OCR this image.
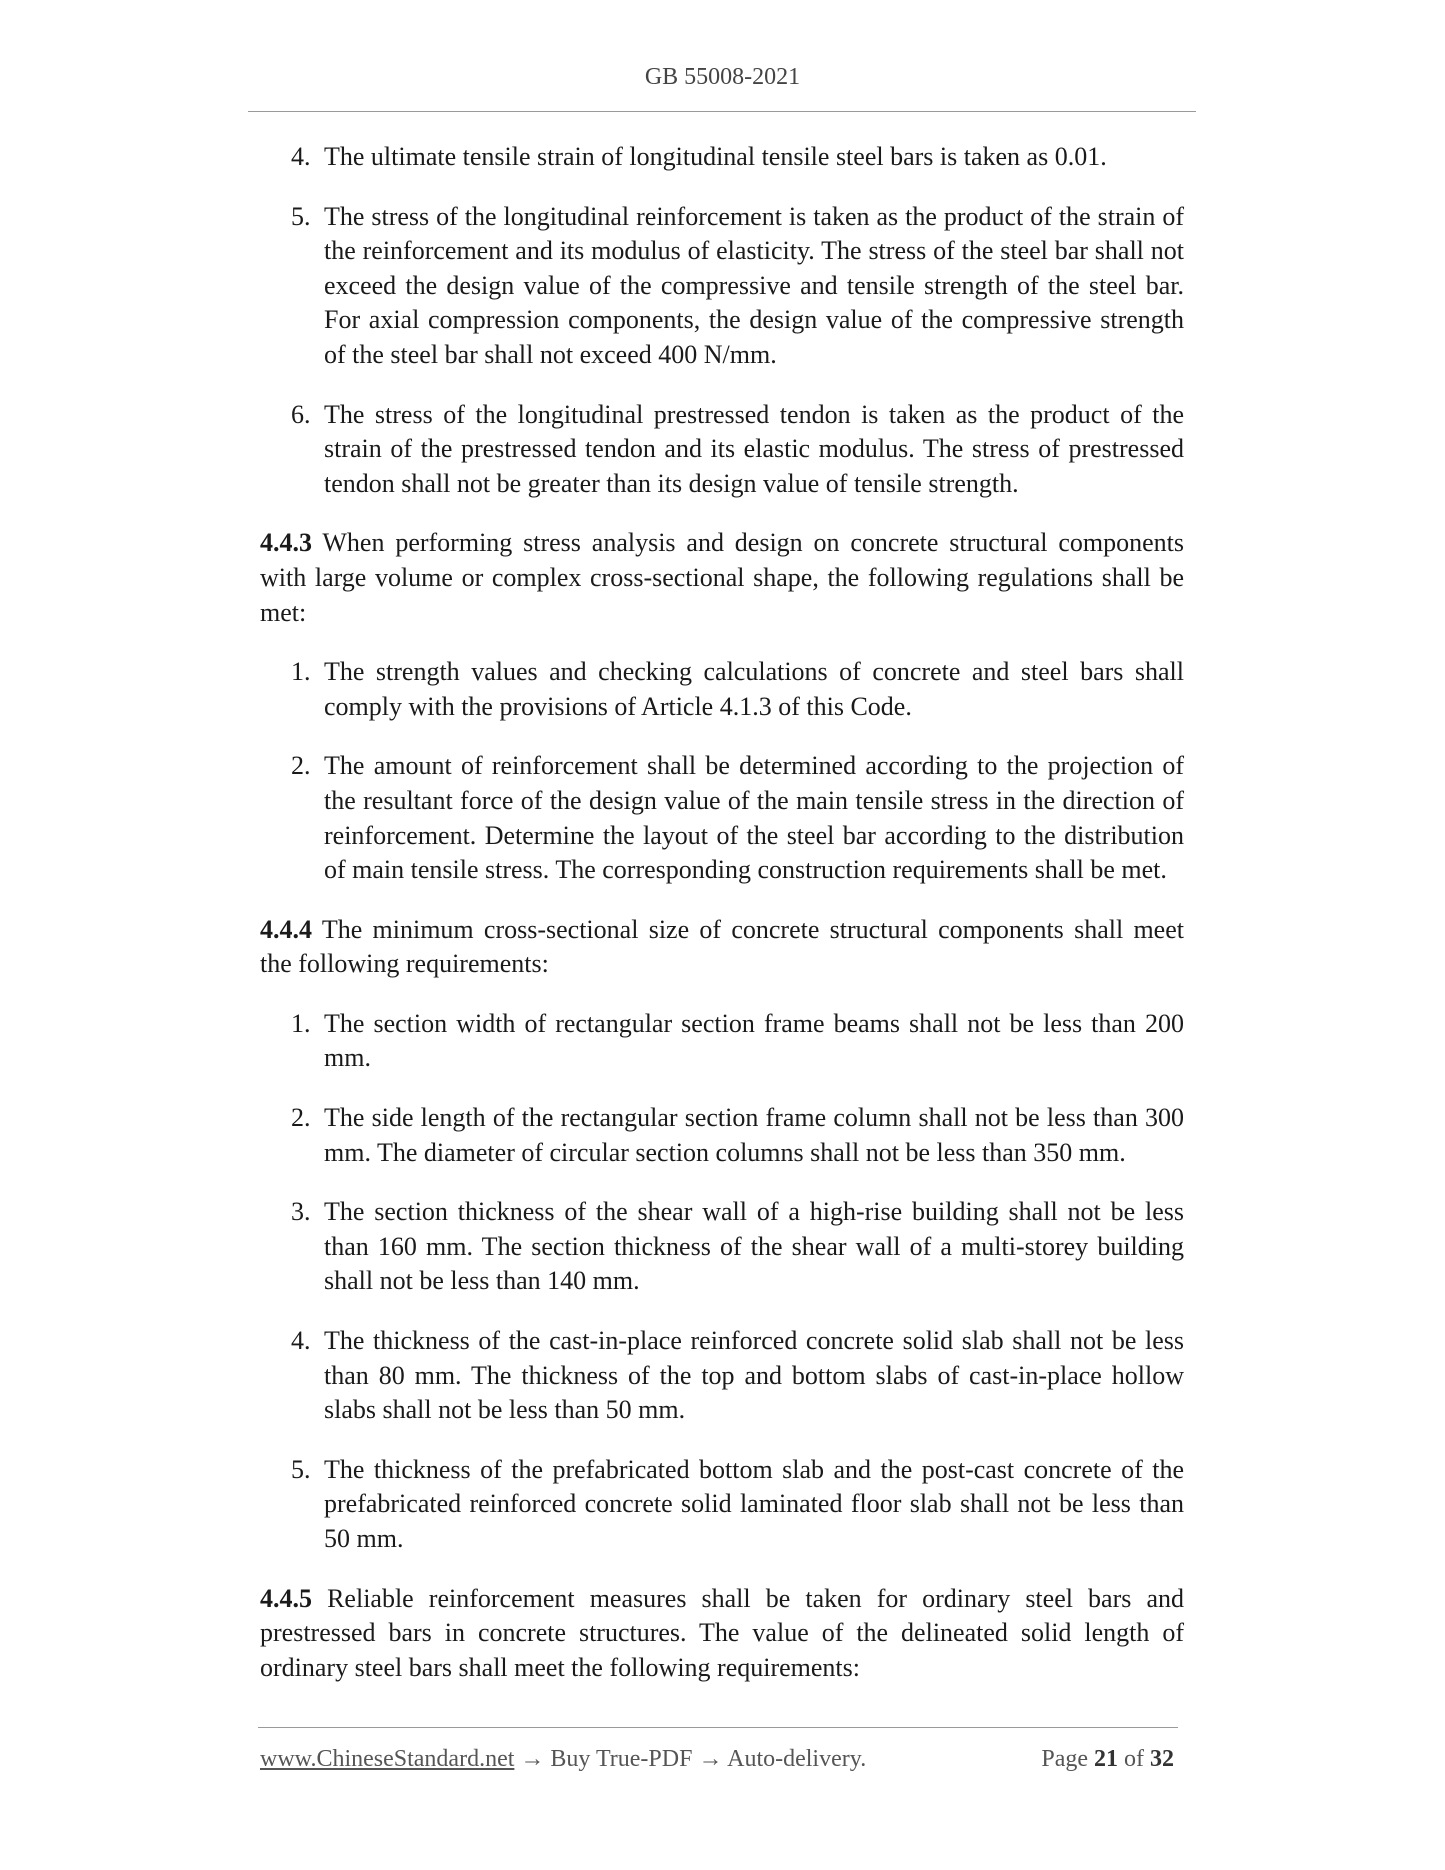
GB 55008-2021
4. The ultimate tensile strain of longitudinal tensile steel bars is taken as 0.01.
5. The stress of the longitudinal reinforcement is taken as the product of the strain of the reinforcement and its modulus of elasticity. The stress of the steel bar shall not exceed the design value of the compressive and tensile strength of the steel bar. For axial compression components, the design value of the compressive strength of the steel bar shall not exceed 400 N/mm.
6. The stress of the longitudinal prestressed tendon is taken as the product of the strain of the prestressed tendon and its elastic modulus. The stress of prestressed tendon shall not be greater than its design value of tensile strength.
4.4.3 When performing stress analysis and design on concrete structural components with large volume or complex cross-sectional shape, the following regulations shall be met:
1. The strength values and checking calculations of concrete and steel bars shall comply with the provisions of Article 4.1.3 of this Code.
2. The amount of reinforcement shall be determined according to the projection of the resultant force of the design value of the main tensile stress in the direction of reinforcement. Determine the layout of the steel bar according to the distribution of main tensile stress. The corresponding construction requirements shall be met.
4.4.4 The minimum cross-sectional size of concrete structural components shall meet the following requirements:
1. The section width of rectangular section frame beams shall not be less than 200 mm.
2. The side length of the rectangular section frame column shall not be less than 300 mm. The diameter of circular section columns shall not be less than 350 mm.
3. The section thickness of the shear wall of a high-rise building shall not be less than 160 mm. The section thickness of the shear wall of a multi-storey building shall not be less than 140 mm.
4. The thickness of the cast-in-place reinforced concrete solid slab shall not be less than 80 mm. The thickness of the top and bottom slabs of cast-in-place hollow slabs shall not be less than 50 mm.
5. The thickness of the prefabricated bottom slab and the post-cast concrete of the prefabricated reinforced concrete solid laminated floor slab shall not be less than 50 mm.
4.4.5 Reliable reinforcement measures shall be taken for ordinary steel bars and prestressed bars in concrete structures. The value of the delineated solid length of ordinary steel bars shall meet the following requirements:
www.ChineseStandard.net → Buy True-PDF → Auto-delivery.	Page 21 of 32
